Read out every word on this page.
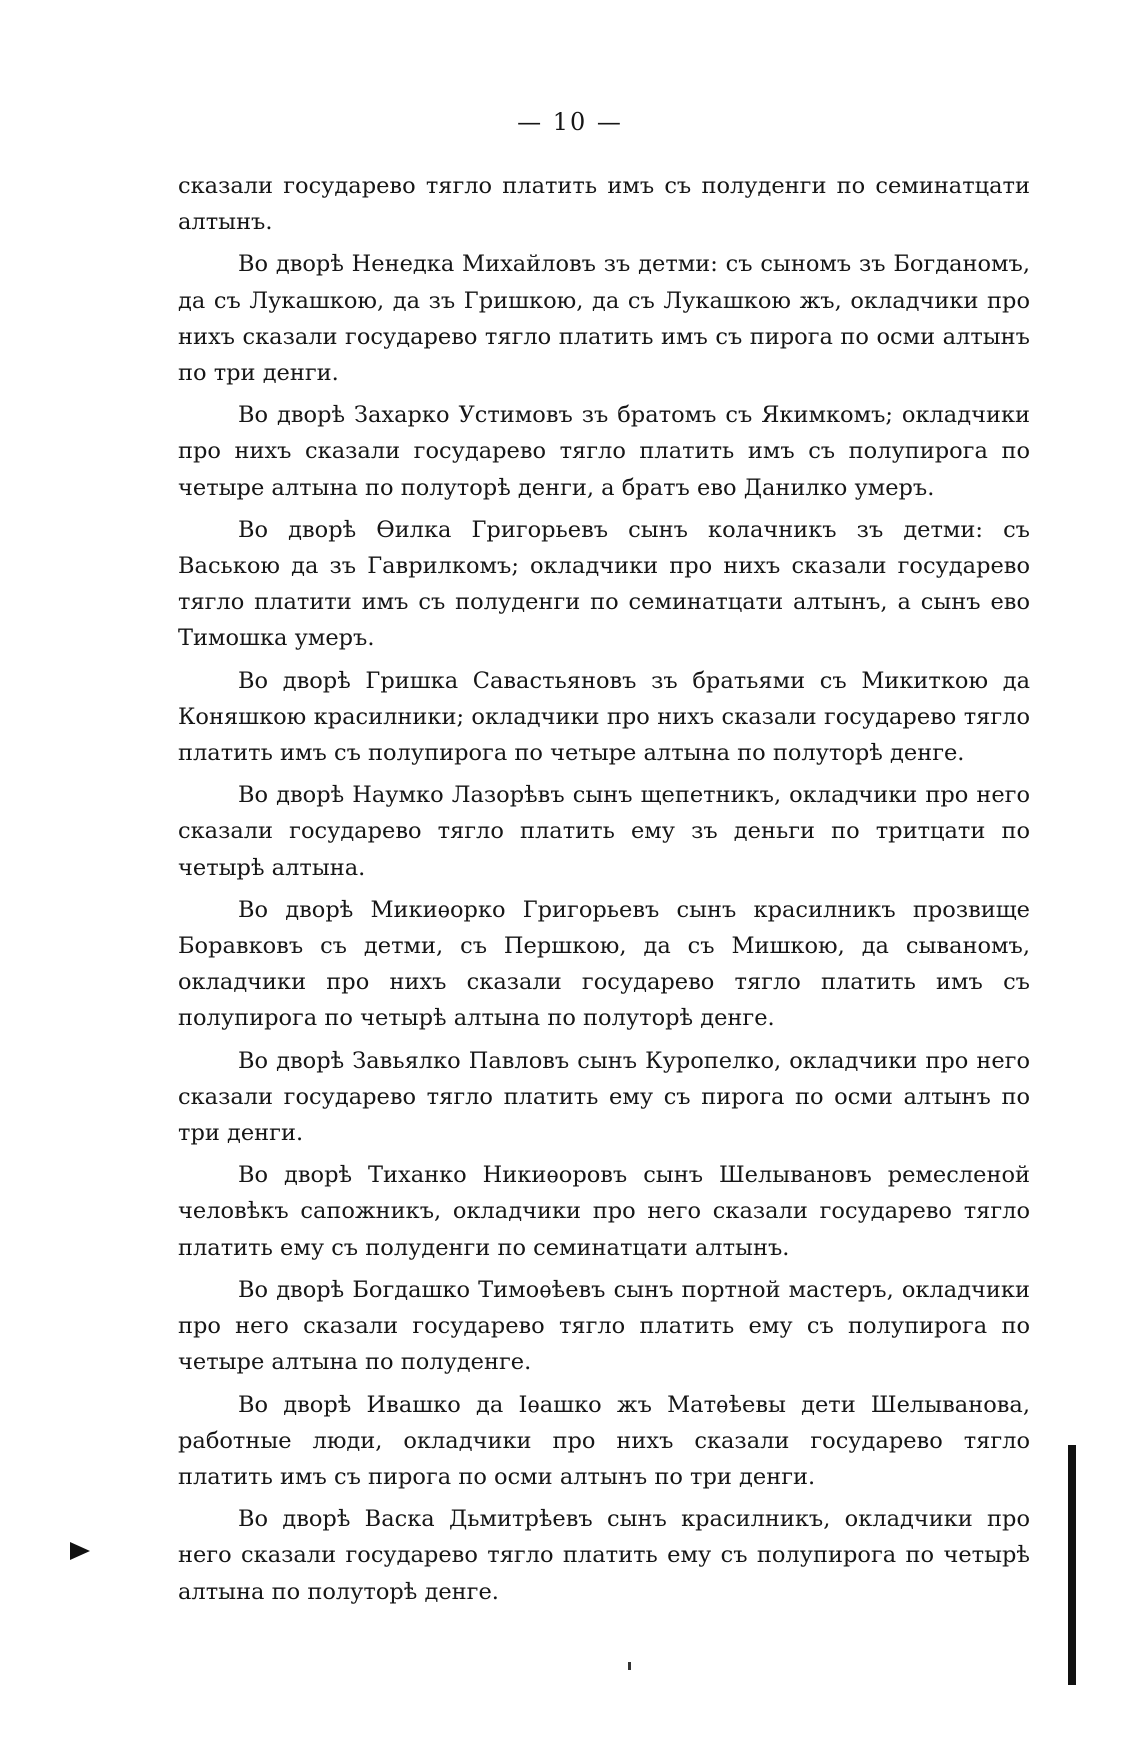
— 10 —

сказали государево тягло платить имъ съ полуденги по семинатцати алтынъ.

Во дворѣ Ненедка Михайловъ зъ детми: съ сыномъ зъ Богданомъ, да съ Лукашкою, да зъ Гришкою, да съ Лукашкою жъ, окладчики про нихъ сказали государево тягло платить имъ съ пирога по осми алтынъ по три денги.

Во дворѣ Захарко Устимовъ зъ братомъ съ Якимкомъ; окладчики про нихъ сказали государево тягло платить имъ съ полупирога по четыре алтына по полуторѣ денги, а братъ ево Данилко умеръ.

Во дворѣ Ѳилка Григорьевъ сынъ колачникъ зъ детми: съ Ваською да зъ Гаврилкомъ; окладчики про нихъ сказали государево тягло платити имъ съ полуденги по семинатцати алтынъ, а сынъ ево Тимошка умеръ.

Во дворѣ Гришка Савастьяновъ зъ братьями съ Микиткою да Коняшкою красилники; окладчики про нихъ сказали государево тягло платить имъ съ полупирога по четыре алтына по полуторѣ денге.

Во дворѣ Наумко Лазорѣвъ сынъ щепетникъ, окладчики про него сказали государево тягло платить ему зъ деньги по тритцати по четырѣ алтына.

Во дворѣ Микиѳорко Григорьевъ сынъ красилникъ прозвище Боравковъ съ детми, съ Першкою, да съ Мишкою, да сываномъ, окладчики про нихъ сказали государево тягло платить имъ съ полупирога по четырѣ алтына по полуторѣ денге.

Во дворѣ Завьялко Павловъ сынъ Куропелко, окладчики про него сказали государево тягло платить ему съ пирога по осми алтынъ по три денги.

Во дворѣ Тиханко Никиѳоровъ сынъ Шелывановъ ремесленой человѣкъ сапожникъ, окладчики про него сказали государево тягло платить ему съ полуденги по семинатцати алтынъ.

Во дворѣ Богдашко Тимоѳѣевъ сынъ портной мастеръ, окладчики про него сказали государево тягло платить ему съ полупирога по четыре алтына по полуденге.

Во дворѣ Ивашко да Іѳашко жъ Матѳѣевы дети Шелыванова, работные люди, окладчики про нихъ сказали государево тягло платить имъ съ пирога по осми алтынъ по три денги.

Во дворѣ Васка Дьмитрѣевъ сынъ красилникъ, окладчики про него сказали государево тягло платить ему съ полупирога по четырѣ алтына по полуторѣ денге.
